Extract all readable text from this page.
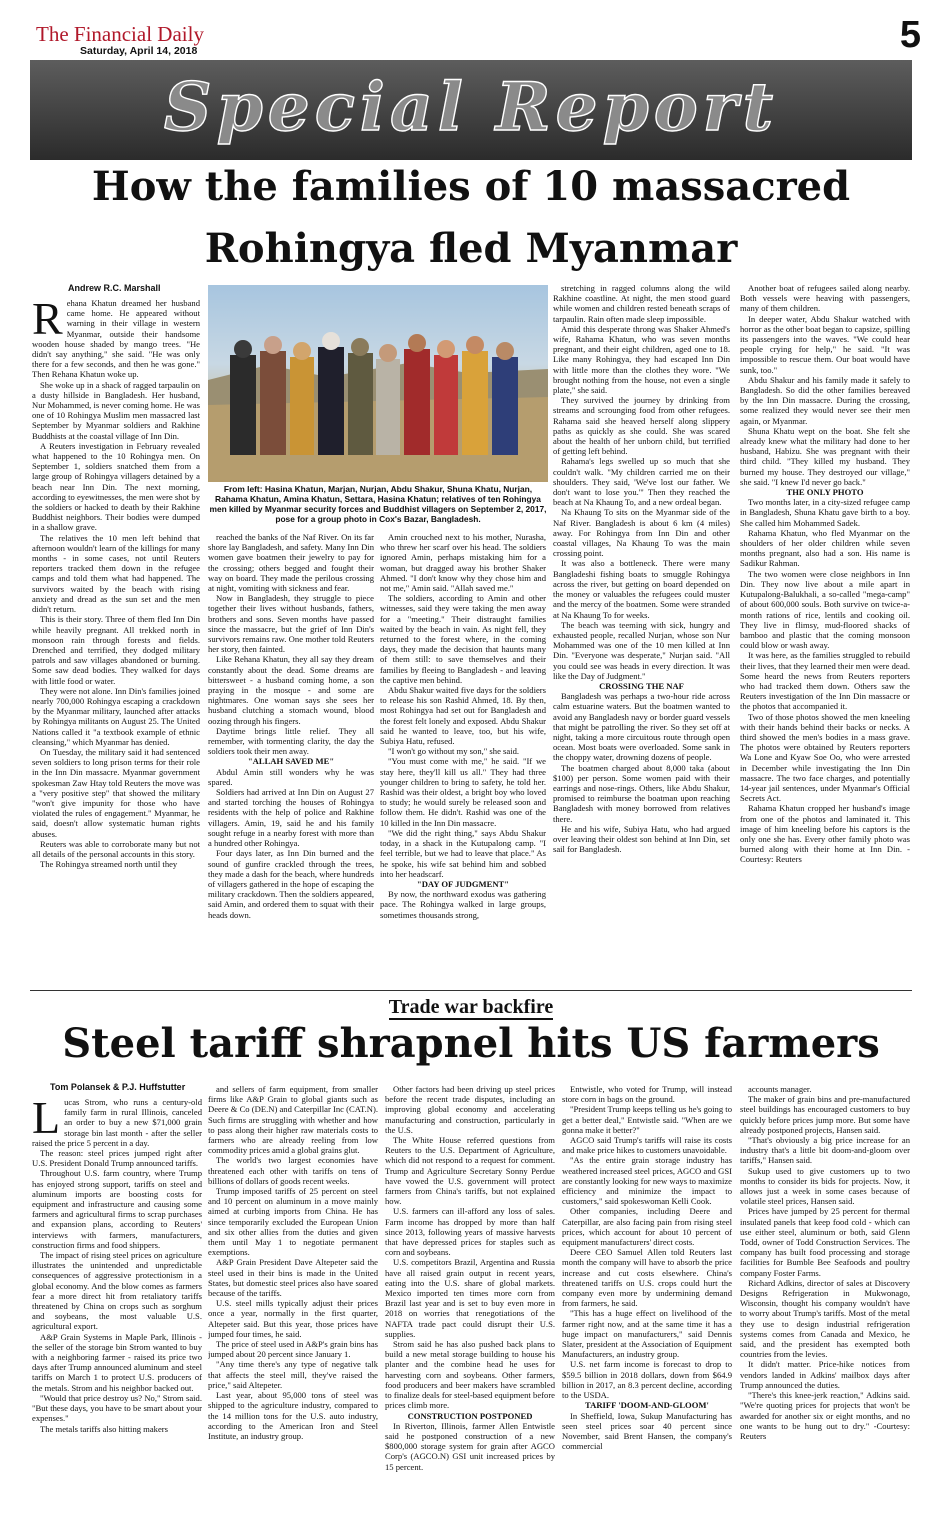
The Financial Daily
Saturday, April 14, 2018	5
Special Report
How the families of 10 massacred
Rohingya fled Myanmar
Andrew R.C. Marshall

Rehana Khatun dreamed her husband came home. He appeared without warning in their village in western Myanmar, outside their handsome wooden house shaded by mango trees. "He didn't say anything," she said. "He was only there for a few seconds, and then he was gone." Then Rehana Khatun woke up.

She woke up in a shack of ragged tarpaulin on a dusty hillside in Bangladesh. Her husband, Nur Mohammed, is never coming home. He was one of 10 Rohingya Muslim men massacred last September by Myanmar soldiers and Rakhine Buddhists at the coastal village of Inn Din.

A Reuters investigation in February revealed what happened to the 10 Rohingya men. On September 1, soldiers snatched them from a large group of Rohingya villagers detained by a beach near Inn Din. The next morning, according to eyewitnesses, the men were shot by the soldiers or hacked to death by their Rakhine Buddhist neighbors. Their bodies were dumped in a shallow grave.

The relatives the 10 men left behind that afternoon wouldn't learn of the killings for many months - in some cases, not until Reuters reporters tracked them down in the refugee camps and told them what had happened. The survivors waited by the beach with rising anxiety and dread as the sun set and the men didn't return.

This is their story. Three of them fled Inn Din while heavily pregnant. All trekked north in monsoon rain through forests and fields. Drenched and terrified, they dodged military patrols and saw villages abandoned or burning. Some saw dead bodies. They walked for days with little food or water.

They were not alone. Inn Din's families joined nearly 700,000 Rohingya escaping a crackdown by the Myanmar military, launched after attacks by Rohingya militants on August 25. The United Nations called it "a textbook example of ethnic cleansing," which Myanmar has denied.

On Tuesday, the military said it had sentenced seven soldiers to long prison terms for their role in the Inn Din massacre. Myanmar government spokesman Zaw Htay told Reuters the move was a "very positive step" that showed the military "won't give impunity for those who have violated the rules of engagement." Myanmar, he said, doesn't allow systematic human rights abuses.

Reuters was able to corroborate many but not all details of the personal accounts in this story.

The Rohingya streamed north until they

From left: Hasina Khatun, Marjan, Nurjan, Abdu Shakur, Shuna Khatu, Nurjan, Rahama Khatun, Amina Khatun, Settara, Hasina Khatun; relatives of ten Rohingya men killed by Myanmar security forces and Buddhist villagers on September 2, 2017, pose for a group photo in Cox's Bazar, Bangladesh.

reached the banks of the Naf River. On its far shore lay Bangladesh, and safety. Many Inn Din women gave boatmen their jewelry to pay for the crossing; others begged and fought their way on board. They made the perilous crossing at night, vomiting with sickness and fear.

Now in Bangladesh, they struggle to piece together their lives without husbands, fathers, brothers and sons. Seven months have passed since the massacre, but the grief of Inn Din's survivors remains raw. One mother told Reuters her story, then fainted.

Like Rehana Khatun, they all say they dream constantly about the dead. Some dreams are bittersweet - a husband coming home, a son praying in the mosque - and some are nightmares. One woman says she sees her husband clutching a stomach wound, blood oozing through his fingers.

Daytime brings little relief. They all remember, with tormenting clarity, the day the soldiers took their men away.

"ALLAH SAVED ME"

Abdul Amin still wonders why he was spared.

Soldiers had arrived at Inn Din on August 27 and started torching the houses of Rohingya residents with the help of police and Rakhine villagers. Amin, 19, said he and his family sought refuge in a nearby forest with more than a hundred other Rohingya.

Four days later, as Inn Din burned and the sound of gunfire crackled through the trees, they made a dash for the beach, where hundreds of villagers gathered in the hope of escaping the military crackdown. Then the soldiers appeared, said Amin, and ordered them to squat with their heads down.

Amin crouched next to his mother, Nurasha, who threw her scarf over his head. The soldiers ignored Amin, perhaps mistaking him for a woman, but dragged away his brother Shaker Ahmed. "I don't know why they chose him and not me," Amin said. "Allah saved me."

The soldiers, according to Amin and other witnesses, said they were taking the men away for a "meeting." Their distraught families waited by the beach in vain. As night fell, they returned to the forest where, in the coming days, they made the decision that haunts many of them still: to save themselves and their families by fleeing to Bangladesh - and leaving the captive men behind.

Abdu Shakur waited five days for the soldiers to release his son Rashid Ahmed, 18. By then, most Rohingya had set out for Bangladesh and the forest felt lonely and exposed. Abdu Shakur said he wanted to leave, too, but his wife, Subiya Hatu, refused.

"I won't go without my son," she said.

"You must come with me," he said. "If we stay here, they'll kill us all." They had three younger children to bring to safety, he told her. Rashid was their oldest, a bright boy who loved to study; he would surely be released soon and follow them. He didn't. Rashid was one of the 10 killed in the Inn Din massacre.

"We did the right thing," says Abdu Shakur today, in a shack in the Kutupalong camp. "I feel terrible, but we had to leave that place." As he spoke, his wife sat behind him and sobbed into her headscarf.

"DAY OF JUDGMENT"

By now, the northward exodus was gathering pace. The Rohingya walked in large groups, sometimes thousands strong,

stretching in ragged columns along the wild Rakhine coastline. At night, the men stood guard while women and children rested beneath scraps of tarpaulin. Rain often made sleep impossible.

Amid this desperate throng was Shaker Ahmed's wife, Rahama Khatun, who was seven months pregnant, and their eight children, aged one to 18. Like many Rohingya, they had escaped Inn Din with little more than the clothes they wore. "We brought nothing from the house, not even a single plate," she said.

They survived the journey by drinking from streams and scrounging food from other refugees. Rahama said she heaved herself along slippery paths as quickly as she could. She was scared about the health of her unborn child, but terrified of getting left behind.

Rahama's legs swelled up so much that she couldn't walk. "My children carried me on their shoulders. They said, 'We've lost our father. We don't want to lose you.'" Then they reached the beach at Na Khaung To, and a new ordeal began.

Na Khaung To sits on the Myanmar side of the Naf River. Bangladesh is about 6 km (4 miles) away. For Rohingya from Inn Din and other coastal villages, Na Khaung To was the main crossing point.

It was also a bottleneck. There were many Bangladeshi fishing boats to smuggle Rohingya across the river, but getting on board depended on the money or valuables the refugees could muster and the mercy of the boatmen. Some were stranded at Na Khaung To for weeks.

The beach was teeming with sick, hungry and exhausted people, recalled Nurjan, whose son Nur Mohammed was one of the 10 men killed at Inn Din. "Everyone was desperate," Nurjan said. "All you could see was heads in every direction. It was like the Day of Judgment."

CROSSING THE NAF

Bangladesh was perhaps a two-hour ride across calm estuarine waters. But the boatmen wanted to avoid any Bangladesh navy or border guard vessels that might be patrolling the river. So they set off at night, taking a more circuitous route through open ocean. Most boats were overloaded. Some sank in the choppy water, drowning dozens of people.

The boatmen charged about 8,000 taka (about $100) per person. Some women paid with their earrings and nose-rings. Others, like Abdu Shakur, promised to reimburse the boatman upon reaching Bangladesh with money borrowed from relatives there.

He and his wife, Subiya Hatu, who had argued over leaving their oldest son behind at Inn Din, set sail for Bangladesh.

Another boat of refugees sailed along nearby. Both vessels were heaving with passengers, many of them children.

In deeper water, Abdu Shakur watched with horror as the other boat began to capsize, spilling its passengers into the waves. "We could hear people crying for help," he said. "It was impossible to rescue them. Our boat would have sunk, too."

Abdu Shakur and his family made it safely to Bangladesh. So did the other families bereaved by the Inn Din massacre. During the crossing, some realized they would never see their men again, or Myanmar.

Shuna Khatu wept on the boat. She felt she already knew what the military had done to her husband, Habizu. She was pregnant with their third child. "They killed my husband. They burned my house. They destroyed our village," she said. "I knew I'd never go back."

THE ONLY PHOTO

Two months later, in a city-sized refugee camp in Bangladesh, Shuna Khatu gave birth to a boy. She called him Mohammed Sadek.

Rahama Khatun, who fled Myanmar on the shoulders of her older children while seven months pregnant, also had a son. His name is Sadikur Rahman.

The two women were close neighbors in Inn Din. They now live about a mile apart in Kutupalong-Balukhali, a so-called "mega-camp" of about 600,000 souls. Both survive on twice-a-month rations of rice, lentils and cooking oil. They live in flimsy, mud-floored shacks of bamboo and plastic that the coming monsoon could blow or wash away.

It was here, as the families struggled to rebuild their lives, that they learned their men were dead. Some heard the news from Reuters reporters who had tracked them down. Others saw the Reuters investigation of the Inn Din massacre or the photos that accompanied it.

Two of those photos showed the men kneeling with their hands behind their backs or necks. A third showed the men's bodies in a mass grave. The photos were obtained by Reuters reporters Wa Lone and Kyaw Soe Oo, who were arrested in December while investigating the Inn Din massacre. The two face charges, and potentially 14-year jail sentences, under Myanmar's Official Secrets Act.

Rahama Khatun cropped her husband's image from one of the photos and laminated it. This image of him kneeling before his captors is the only one she has. Every other family photo was burned along with their home at Inn Din. -Courtesy: Reuters

Trade war backfire
Steel tariff shrapnel hits US farmers
Tom Polansek & P.J. Huffstutter

Lucas Strom, who runs a century-old family farm in rural Illinois, canceled an order to buy a new $71,000 grain storage bin last month - after the seller raised the price 5 percent in a day.

The reason: steel prices jumped right after U.S. President Donald Trump announced tariffs.

Throughout U.S. farm country, where Trump has enjoyed strong support, tariffs on steel and aluminum imports are boosting costs for equipment and infrastructure and causing some farmers and agricultural firms to scrap purchases and expansion plans, according to Reuters' interviews with farmers, manufacturers, construction firms and food shippers.

The impact of rising steel prices on agriculture illustrates the unintended and unpredictable consequences of aggressive protectionism in a global economy. And the blow comes as farmers fear a more direct hit from retaliatory tariffs threatened by China on crops such as sorghum and soybeans, the most valuable U.S. agricultural export.

A&P Grain Systems in Maple Park, Illinois - the seller of the storage bin Strom wanted to buy with a neighboring farmer - raised its price two days after Trump announced aluminum and steel tariffs on March 1 to protect U.S. producers of the metals. Strom and his neighbor backed out.

"Would that price destroy us? No," Strom said. "But these days, you have to be smart about your expenses."

The metals tariffs also hitting makers

and sellers of farm equipment, from smaller firms like A&P Grain to global giants such as Deere & Co (DE.N) and Caterpillar Inc (CAT.N). Such firms are struggling with whether and how to pass along their higher raw materials costs to farmers who are already reeling from low commodity prices amid a global grains glut.

The world's two largest economies have threatened each other with tariffs on tens of billions of dollars of goods recent weeks.

Trump imposed tariffs of 25 percent on steel and 10 percent on aluminum in a move mainly aimed at curbing imports from China. He has since temporarily excluded the European Union and six other allies from the duties and given them until May 1 to negotiate permanent exemptions.

A&P Grain President Dave Altepeter said the steel used in their bins is made in the United States, but domestic steel prices also have soared because of the tariffs.

U.S. steel mills typically adjust their prices once a year, normally in the first quarter, Altepeter said. But this year, those prices have jumped four times, he said.

The price of steel used in A&P's grain bins has jumped about 20 percent since January 1.

"Any time there's any type of negative talk that affects the steel mill, they've raised the price," said Altepeter.

Last year, about 95,000 tons of steel was shipped to the agriculture industry, compared to the 14 million tons for the U.S. auto industry, according to the American Iron and Steel Institute, an industry group.

Other factors had been driving up steel prices before the recent trade disputes, including an improving global economy and accelerating manufacturing and construction, particularly in the U.S.

The White House referred questions from Reuters to the U.S. Department of Agriculture, which did not respond to a request for comment. Trump and Agriculture Secretary Sonny Perdue have vowed the U.S. government will protect farmers from China's tariffs, but not explained how.

U.S. farmers can ill-afford any loss of sales. Farm income has dropped by more than half since 2013, following years of massive harvests that have depressed prices for staples such as corn and soybeans.

U.S. competitors Brazil, Argentina and Russia have all raised grain output in recent years, eating into the U.S. share of global markets. Mexico imported ten times more corn from Brazil last year and is set to buy even more in 2018 on worries that renegotiations of the NAFTA trade pact could disrupt their U.S. supplies.

Strom said he has also pushed back plans to build a new metal storage building to house his planter and the combine head he uses for harvesting corn and soybeans. Other farmers, food producers and beer makers have scrambled to finalize deals for steel-based equipment before prices climb more.

CONSTRUCTION POSTPONED

In Riverton, Illinois, farmer Allen Entwistle said he postponed construction of a new $800,000 storage system for grain after AGCO Corp's (AGCO.N) GSI unit increased prices by 15 percent.

Entwistle, who voted for Trump, will instead store corn in bags on the ground.

"President Trump keeps telling us he's going to get a better deal," Entwistle said. "When are we gonna make it better?"

AGCO said Trump's tariffs will raise its costs and make price hikes to customers unavoidable.

"As the entire grain storage industry has weathered increased steel prices, AGCO and GSI are constantly looking for new ways to maximize efficiency and minimize the impact to customers," said spokeswoman Kelli Cook.

Other companies, including Deere and Caterpillar, are also facing pain from rising steel prices, which account for about 10 percent of equipment manufacturers' direct costs.

Deere CEO Samuel Allen told Reuters last month the company will have to absorb the price increase and cut costs elsewhere. China's threatened tariffs on U.S. crops could hurt the company even more by undermining demand from farmers, he said.

"This has a huge effect on livelihood of the farmer right now, and at the same time it has a huge impact on manufacturers," said Dennis Slater, president at the Association of Equipment Manufacturers, an industry group.

U.S. net farm income is forecast to drop to $59.5 billion in 2018 dollars, down from $64.9 billion in 2017, an 8.3 percent decline, according to the USDA.

TARIFF 'DOOM-AND-GLOOM'

In Sheffield, Iowa, Sukup Manufacturing has seen steel prices soar 40 percent since November, said Brent Hansen, the company's commercial

accounts manager.

The maker of grain bins and pre-manufactured steel buildings has encouraged customers to buy quickly before prices jump more. But some have already postponed projects, Hansen said.

"That's obviously a big price increase for an industry that's a little bit doom-and-gloom over tariffs," Hansen said.

Sukup used to give customers up to two months to consider its bids for projects. Now, it allows just a week in some cases because of volatile steel prices, Hansen said.

Prices have jumped by 25 percent for thermal insulated panels that keep food cold - which can use either steel, aluminum or both, said Glenn Todd, owner of Todd Construction Services. The company has built food processing and storage facilities for Bumble Bee Seafoods and poultry company Foster Farms.

Richard Adkins, director of sales at Discovery Designs Refrigeration in Mukwonago, Wisconsin, thought his company wouldn't have to worry about Trump's tariffs. Most of the metal they use to design industrial refrigeration systems comes from Canada and Mexico, he said, and the president has exempted both countries from the levies.

It didn't matter. Price-hike notices from vendors landed in Adkins' mailbox days after Trump announced the duties.

"There's this knee-jerk reaction," Adkins said. "We're quoting prices for projects that won't be awarded for another six or eight months, and no one wants to be hung out to dry." -Courtesy: Reuters
